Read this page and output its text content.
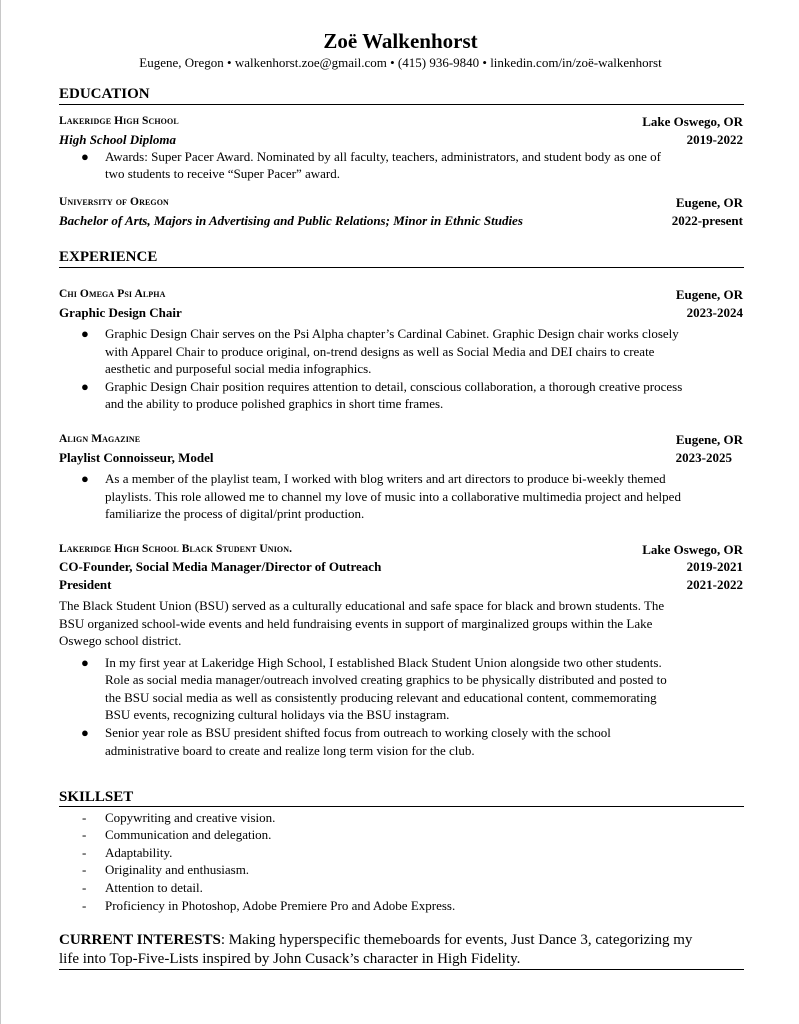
Zoë Walkenhorst
Eugene, Oregon • walkenhorst.zoe@gmail.com • (415) 936-9840 • linkedin.com/in/zoë-walkenhorst
EDUCATION
Lakeridge High School	Lake Oswego, OR
High School Diploma	2019-2022
● Awards: Super Pacer Award. Nominated by all faculty, teachers, administrators, and student body as one of
two students to receive “Super Pacer” award.
University of Oregon	Eugene, OR
Bachelor of Arts, Majors in Advertising and Public Relations; Minor in Ethnic Studies	2022-present
EXPERIENCE
Chi Omega Psi Alpha	Eugene, OR
Graphic Design Chair	2023-2024
● Graphic Design Chair serves on the Psi Alpha chapter’s Cardinal Cabinet. Graphic Design chair works closely
with Apparel Chair to produce original, on-trend designs as well as Social Media and DEI chairs to create
aesthetic and purposeful social media infographics.
● Graphic Design Chair position requires attention to detail, conscious collaboration, a thorough creative process
and the ability to produce polished graphics in short time frames.
Align Magazine	Eugene, OR
Playlist Connoisseur, Model	2023-2025
● As a member of the playlist team, I worked with blog writers and art directors to produce bi-weekly themed
playlists. This role allowed me to channel my love of music into a collaborative multimedia project and helped
familiarize the process of digital/print production.
Lakeridge High School Black Student Union.	Lake Oswego, OR
CO-Founder, Social Media Manager/Director of Outreach	2019-2021
President	2021-2022
The Black Student Union (BSU) served as a culturally educational and safe space for black and brown students. The
BSU organized school-wide events and held fundraising events in support of marginalized groups within the Lake
Oswego school district.
● In my first year at Lakeridge High School, I established Black Student Union alongside two other students.
Role as social media manager/outreach involved creating graphics to be physically distributed and posted to
the BSU social media as well as consistently producing relevant and educational content, commemorating
BSU events, recognizing cultural holidays via the BSU instagram.
● Senior year role as BSU president shifted focus from outreach to working closely with the school
administrative board to create and realize long term vision for the club.
SKILLSET
- Copywriting and creative vision.
- Communication and delegation.
- Adaptability.
- Originality and enthusiasm.
- Attention to detail.
- Proficiency in Photoshop, Adobe Premiere Pro and Adobe Express.
CURRENT INTERESTS: Making hyperspecific themeboards for events, Just Dance 3, categorizing my
life into Top-Five-Lists inspired by John Cusack’s character in High Fidelity.
